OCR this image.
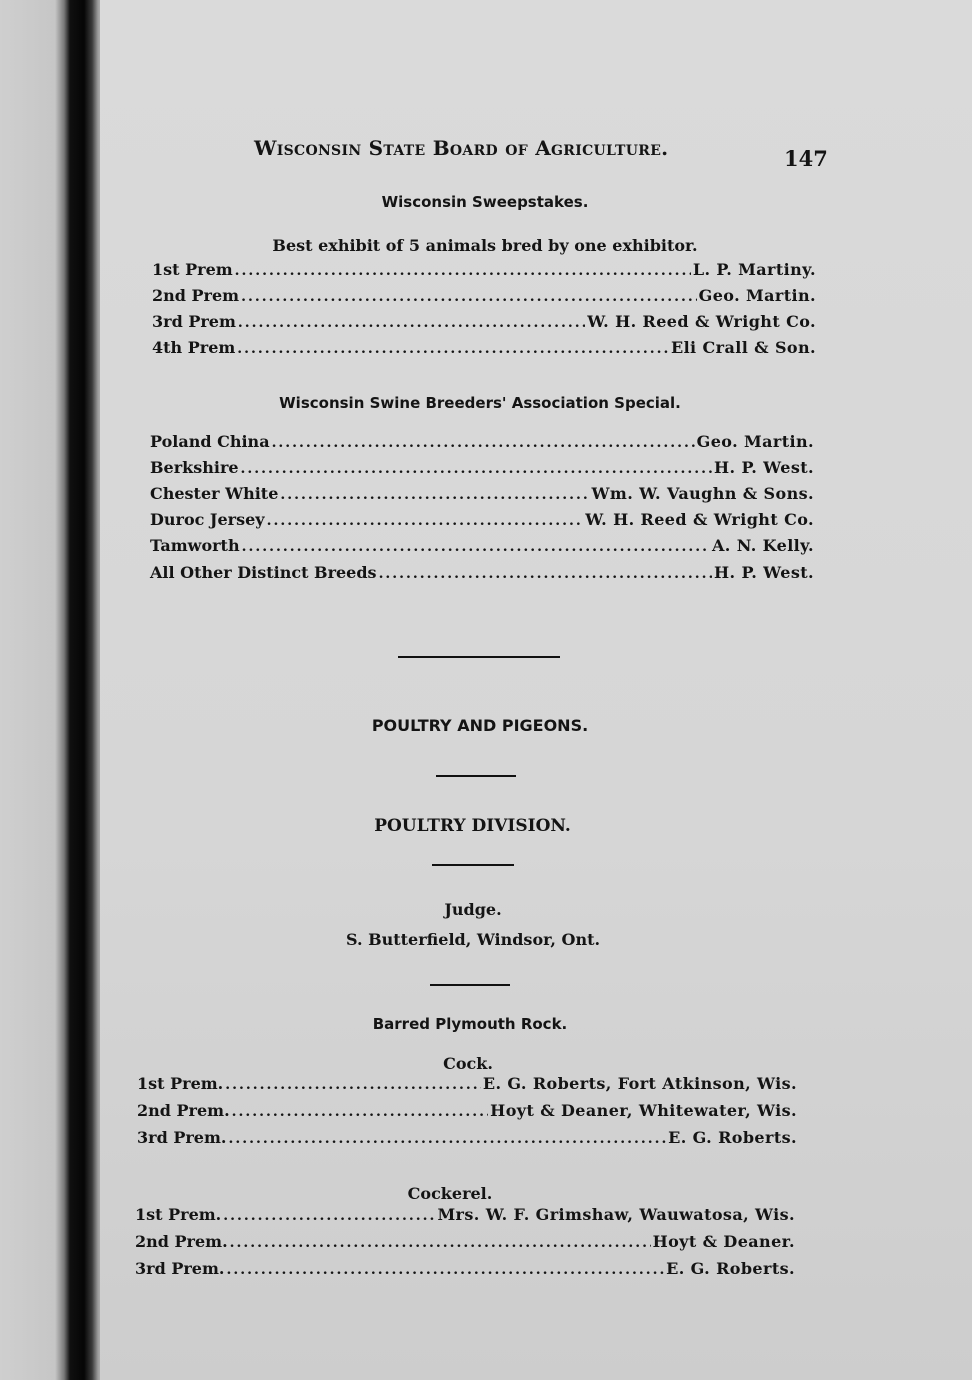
Wisconsin State Board of Agriculture.	147
Wisconsin Sweepstakes.
Best exhibit of 5 animals bred by one exhibitor.
1st Prem .....	L. P. Martiny.
2nd Prem .....	Geo. Martin.
3rd Prem .....	W. H. Reed & Wright Co.
4th Prem .....	Eli Crall & Son.
Wisconsin Swine Breeders' Association Special.
Poland China .....	Geo. Martin.
Berkshire .....	H. P. West.
Chester White .....	Wm. W. Vaughn & Sons.
Duroc Jersey .....	W. H. Reed & Wright Co.
Tamworth .....	A. N. Kelly.
All Other Distinct Breeds .....	H. P. West.
POULTRY AND PIGEONS.
POULTRY DIVISION.
Judge.
S. Butterfield, Windsor, Ont.
Barred Plymouth Rock.
Cock.
1st Prem. .....	E. G. Roberts, Fort Atkinson, Wis.
2nd Prem. .....	Hoyt & Deaner, Whitewater, Wis.
3rd Prem. .....	E. G. Roberts.
Cockerel.
1st Prem. .....	Mrs. W. F. Grimshaw, Wauwatosa, Wis.
2nd Prem. .....	Hoyt & Deaner.
3rd Prem. .....	E. G. Roberts.
